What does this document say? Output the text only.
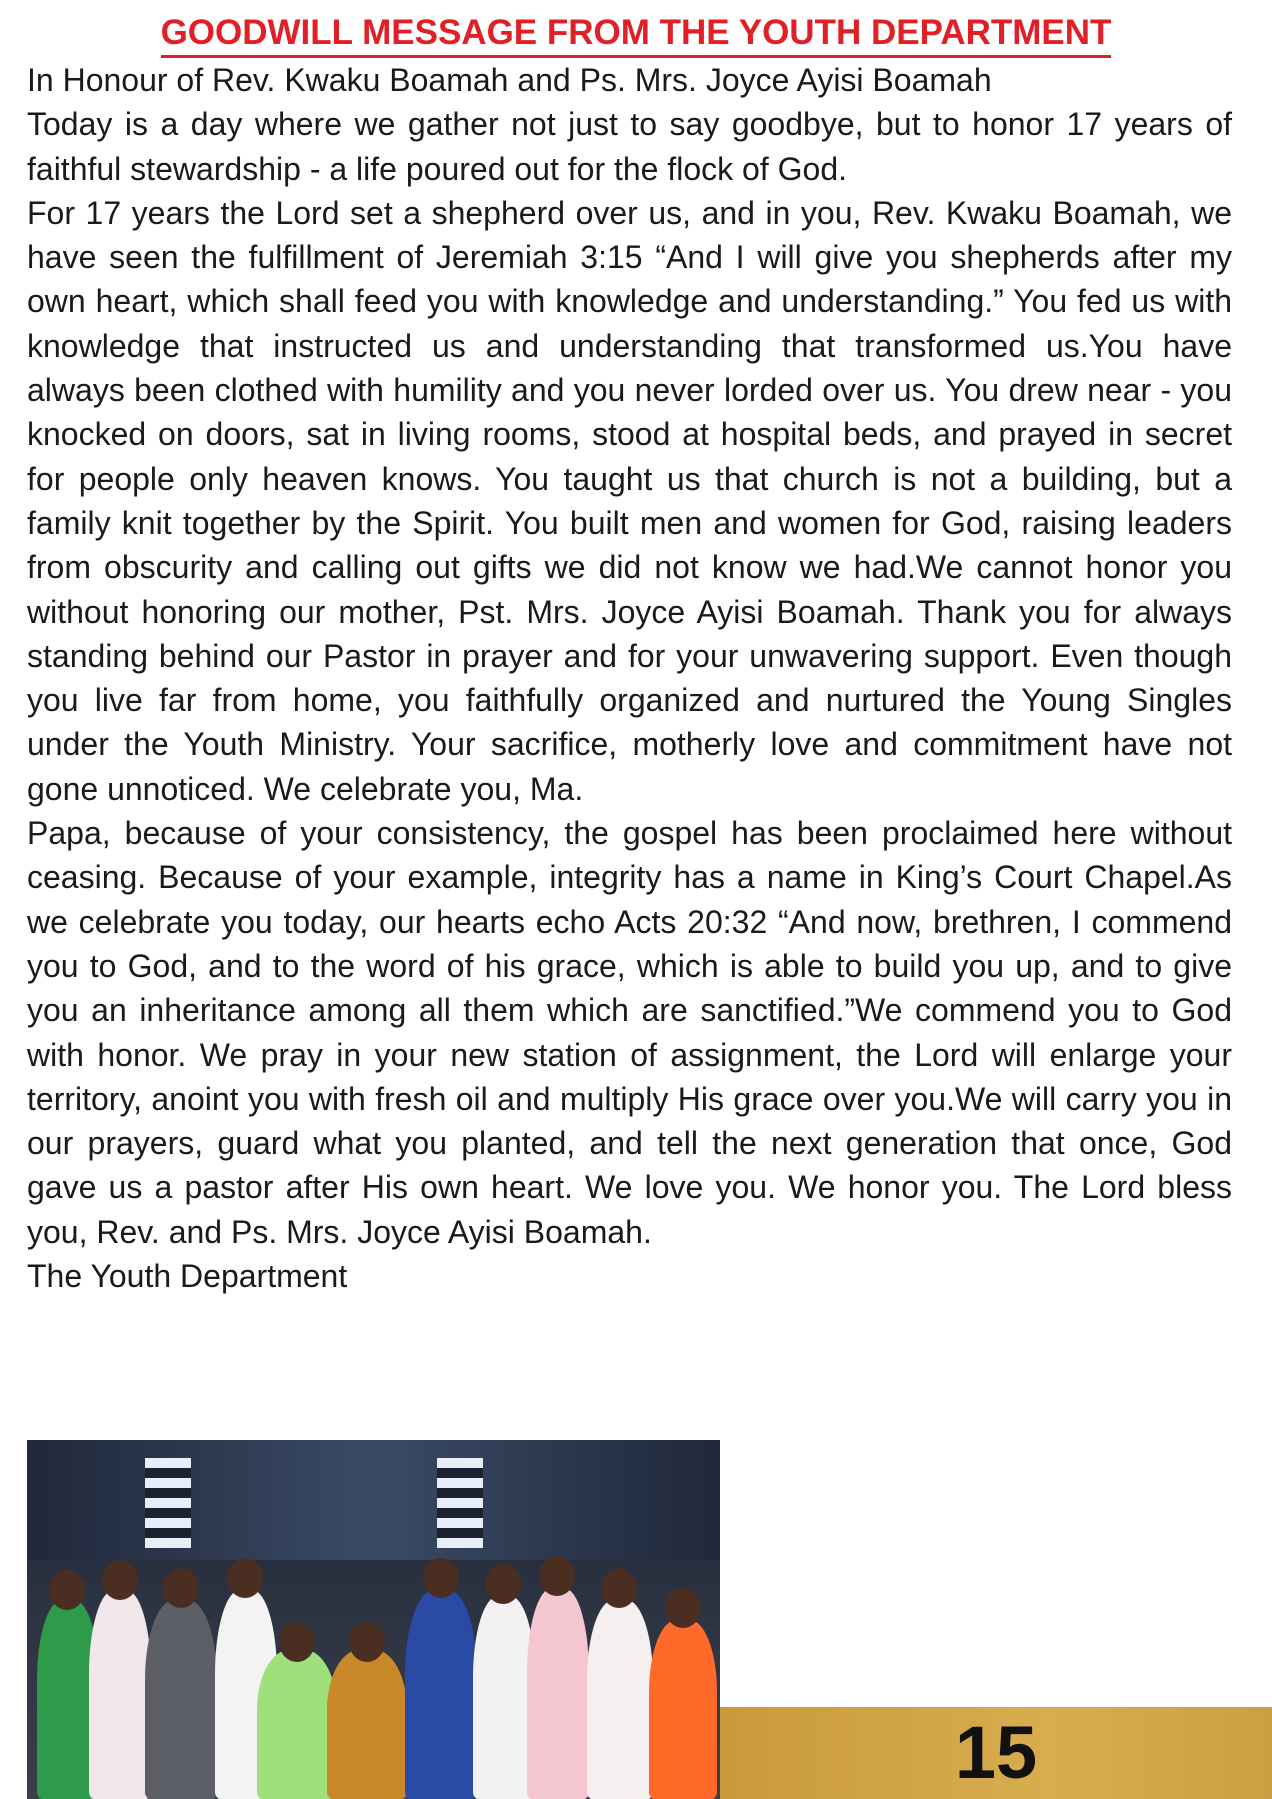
GOODWILL MESSAGE FROM THE YOUTH DEPARTMENT

In Honour of Rev. Kwaku Boamah and Ps. Mrs. Joyce Ayisi Boamah

Today is a day where we gather not just to say goodbye, but to honor 17 years of faithful stewardship - a life poured out for the flock of God.

For 17 years the Lord set a shepherd over us, and in you, Rev. Kwaku Boamah, we have seen the fulfillment of Jeremiah 3:15 “And I will give you shepherds after my own heart, which shall feed you with knowledge and understanding.” You fed us with knowledge that instructed us and understanding that transformed us.You have always been clothed with humility and you never lorded over us. You drew near - you knocked on doors, sat in living rooms, stood at hospital beds, and prayed in secret for people only heaven knows. You taught us that church is not a building, but a family knit together by the Spirit. You built men and women for God, raising leaders from obscurity and calling out gifts we did not know we had.We cannot honor you without honoring our mother, Pst. Mrs. Joyce Ayisi Boamah. Thank you for always standing behind our Pastor in prayer and for your unwavering support. Even though you live far from home, you faithfully organized and nurtured the Young Singles under the Youth Ministry. Your sacrifice, motherly love and commitment have not gone unnoticed. We celebrate you, Ma.

Papa, because of your consistency, the gospel has been proclaimed here without ceasing. Because of your example, integrity has a name in King’s Court Chapel.As we celebrate you today, our hearts echo Acts 20:32 “And now, brethren, I commend you to God, and to the word of his grace, which is able to build you up, and to give you an inheritance among all them which are sanctified.”We commend you to God with honor. We pray in your new station of assignment, the Lord will enlarge your territory, anoint you with fresh oil and multiply His grace over you.We will carry you in our prayers, guard what you planted, and tell the next generation that once, God gave us a pastor after His own heart. We love you. We honor you. The Lord bless you, Rev. and Ps. Mrs. Joyce Ayisi Boamah.

The Youth Department

15
